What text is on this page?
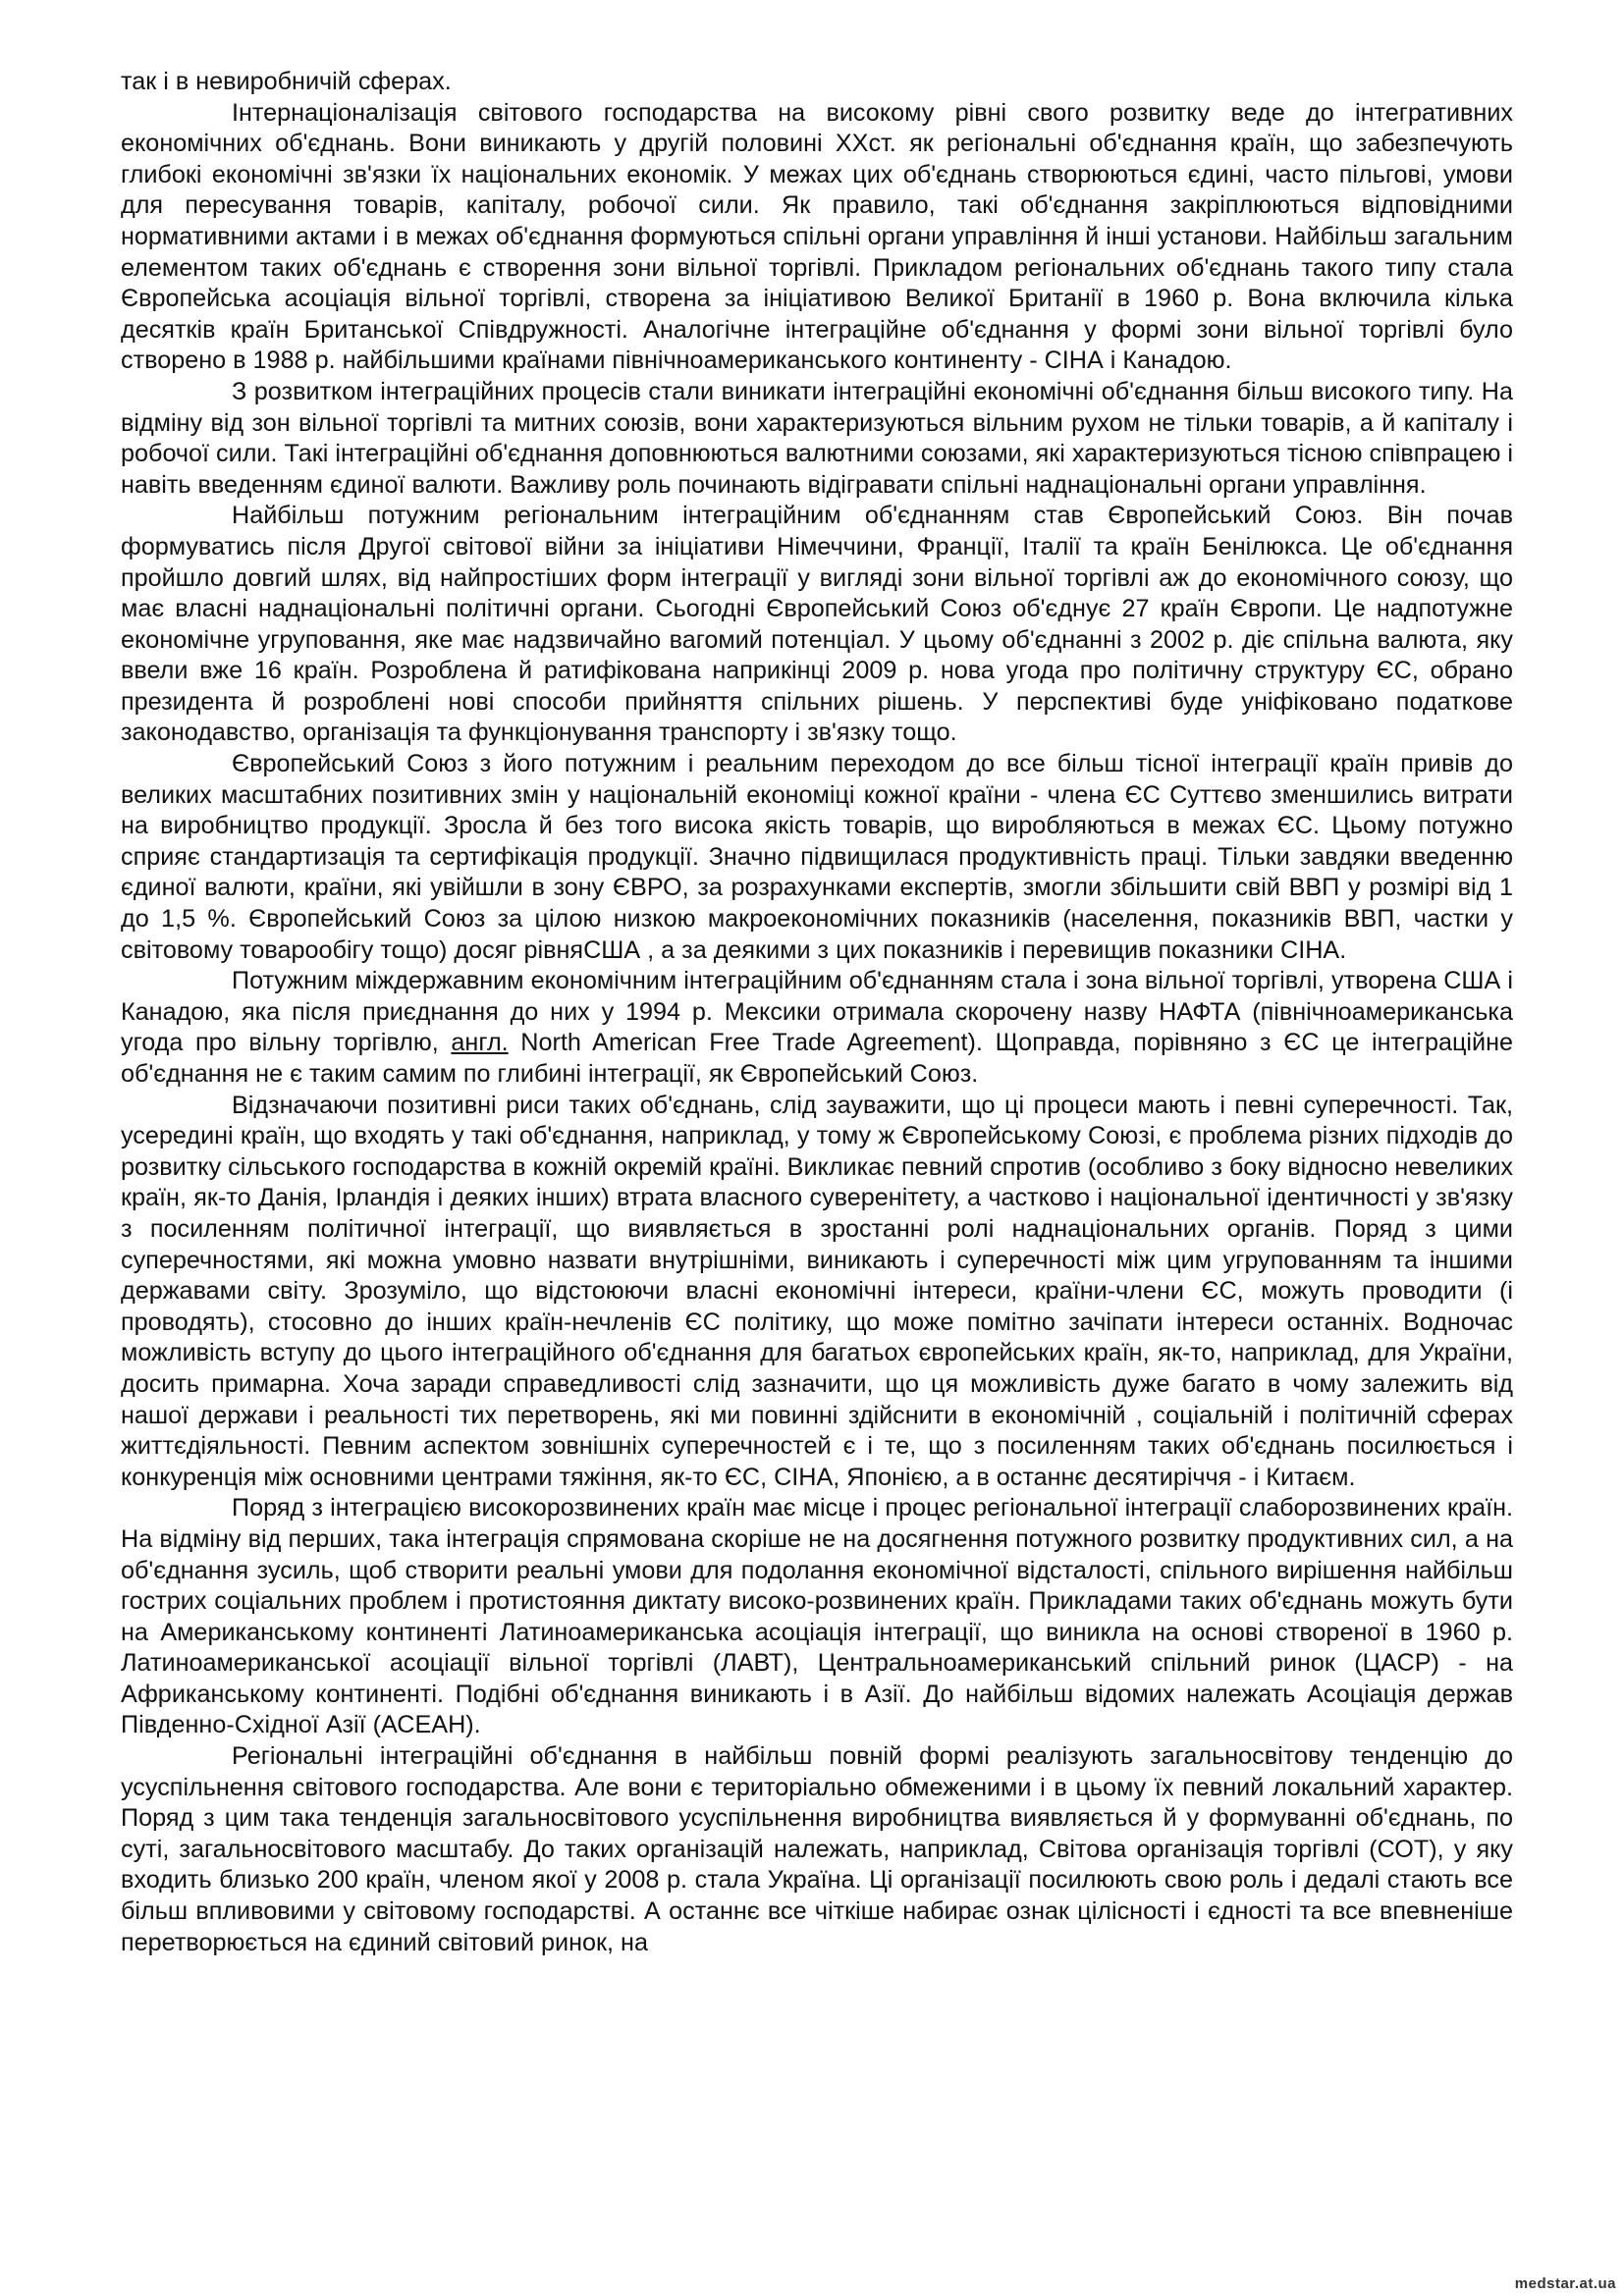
так і в невиробничій сферах.

Інтернаціоналізація світового господарства на високому рівні свого розвитку веде до інтегративних економічних об'єднань. Вони виникають у другій половині ХХст. як регіональні об'єднання країн, що забезпечують глибокі економічні зв'язки їх національних економік. У межах цих об'єднань створюються єдині, часто пільгові, умови для пересування товарів, капіталу, робочої сили. Як правило, такі об'єднання закріплюються відповідними нормативними актами і в межах об'єднання формуються спільні органи управління й інші установи. Найбільш загальним елементом таких об'єднань є створення зони вільної торгівлі. Прикладом регіональних об'єднань такого типу стала Європейська асоціація вільної торгівлі, створена за ініціативою Великої Британії в 1960 р. Вона включила кілька десятків країн Британської Співдружності. Аналогічне інтеграційне об'єднання у формі зони вільної торгівлі було створено в 1988 р. найбільшими країнами північноамериканського континенту - СІНА і Канадою.

З розвитком інтеграційних процесів стали виникати інтеграційні економічні об'єднання більш високого типу. На відміну від зон вільної торгівлі та митних союзів, вони характеризуються вільним рухом не тільки товарів, а й капіталу і робочої сили. Такі інтеграційні об'єднання доповнюються валютними союзами, які характеризуються тісною співпрацею і навіть введенням єдиної валюти. Важливу роль починають відігравати спільні наднаціональні органи управління.

Найбільш потужним регіональним інтеграційним об'єднанням став Європейський Союз. Він почав формуватись після Другої світової війни за ініціативи Німеччини, Франції, Італії та країн Бенілюкса. Це об'єднання пройшло довгий шлях, від найпростіших форм інтеграції у вигляді зони вільної торгівлі аж до економічного союзу, що має власні наднаціональні політичні органи. Сьогодні Європейський Союз об'єднує 27 країн Європи. Це надпотужне економічне угруповання, яке має надзвичайно вагомий потенціал. У цьому об'єднанні з 2002 р. діє спільна валюта, яку ввели вже 16 країн. Розроблена й ратифікована наприкінці 2009 р. нова угода про політичну структуру ЄС, обрано президента й розроблені нові способи прийняття спільних рішень. У перспективі буде уніфіковано податкове законодавство, організація та функціонування транспорту і зв'язку тощо.

Європейський Союз з його потужним і реальним переходом до все більш тісної інтеграції країн привів до великих масштабних позитивних змін у національній економіці кожної країни - члена ЄС Суттєво зменшились витрати на виробництво продукції. Зросла й без того висока якість товарів, що виробляються в межах ЄС. Цьому потужно сприяє стандартизація та сертифікація продукції. Значно підвищилася продуктивність праці. Тільки завдяки введенню єдиної валюти, країни, які увійшли в зону ЄВРО, за розрахунками експертів, змогли збільшити свій ВВП у розмірі від 1 до 1,5 %. Європейський Союз за цілою низкою макроекономічних показників (населення, показників ВВП, частки у світовому товарообігу тощо) досяг рівняСША , а за деякими з цих показників і перевищив показники СІНА.

Потужним міждержавним економічним інтеграційним об'єднанням стала і зона вільної торгівлі, утворена США і Канадою, яка після приєднання до них у 1994 р. Мексики отримала скорочену назву НАФТА (північноамериканська угода про вільну торгівлю, англ. North American Free Trade Agreement). Щоправда, порівняно з ЄС це інтеграційне об'єднання не є таким самим по глибині інтеграції, як Європейський Союз.

Відзначаючи позитивні риси таких об'єднань, слід зауважити, що ці процеси мають і певні суперечності. Так, усередині країн, що входять у такі об'єднання, наприклад, у тому ж Європейському Союзі, є проблема різних підходів до розвитку сільського господарства в кожній окремій країні. Викликає певний спротив (особливо з боку відносно невеликих країн, як-то Данія, Ірландія і деяких інших) втрата власного суверенітету, а частково і національної ідентичності у зв'язку з посиленням політичної інтеграції, що виявляється в зростанні ролі наднаціональних органів. Поряд з цими суперечностями, які можна умовно назвати внутрішніми, виникають і суперечності між цим угрупованням та іншими державами світу. Зрозуміло, що відстоюючи власні економічні інтереси, країни-члени ЄС, можуть проводити (і проводять), стосовно до інших країн-нечленів ЄС політику, що може помітно зачіпати інтереси останніх. Водночас можливість вступу до цього інтеграційного об'єднання для багатьох європейських країн, як-то, наприклад, для України, досить примарна. Хоча заради справедливості слід зазначити, що ця можливість дуже багато в чому залежить від нашої держави і реальності тих перетворень, які ми повинні здійснити в економічній , соціальній і політичній сферах життєдіяльності. Певним аспектом зовнішніх суперечностей є і те, що з посиленням таких об'єднань посилюється і конкуренція між основними центрами тяжіння, як-то ЄС, СІНА, Японією, а в останнє десятиріччя - і Китаєм.

Поряд з інтеграцією високорозвинених країн має місце і процес регіональної інтеграції слаборозвинених країн. На відміну від перших, така інтеграція спрямована скоріше не на досягнення потужного розвитку продуктивних сил, а на об'єднання зусиль, щоб створити реальні умови для подолання економічної відсталості, спільного вирішення найбільш гострих соціальних проблем і протистояння диктату високо-розвинених країн. Прикладами таких об'єднань можуть бути на Американському континенті Латиноамериканська асоціація інтеграції, що виникла на основі створеної в 1960 р. Латиноамериканської асоціації вільної торгівлі (ЛАВТ), Центральноамериканський спільний ринок (ЦАСР) - на Африканському континенті. Подібні об'єднання виникають і в Азії. До найбільш відомих належать Асоціація держав Південно-Східної Азії (АСЕАН).

Регіональні інтеграційні об'єднання в найбільш повній формі реалізують загальносвітову тенденцію до усуспільнення світового господарства. Але вони є територіально обмеженими і в цьому їх певний локальний характер. Поряд з цим така тенденція загальносвітового усуспільнення виробництва виявляється й у формуванні об'єднань, по суті, загальносвітового масштабу. До таких організацій належать, наприклад, Світова організація торгівлі (СОТ), у яку входить близько 200 країн, членом якої у 2008 р. стала Україна. Ці організації посилюють свою роль і дедалі стають все більш впливовими у світовому господарстві. А останнє все чіткіше набирає ознак цілісності і єдності та все впевненіше перетворюється на єдиний світовий ринок, на

medstar.at.ua
